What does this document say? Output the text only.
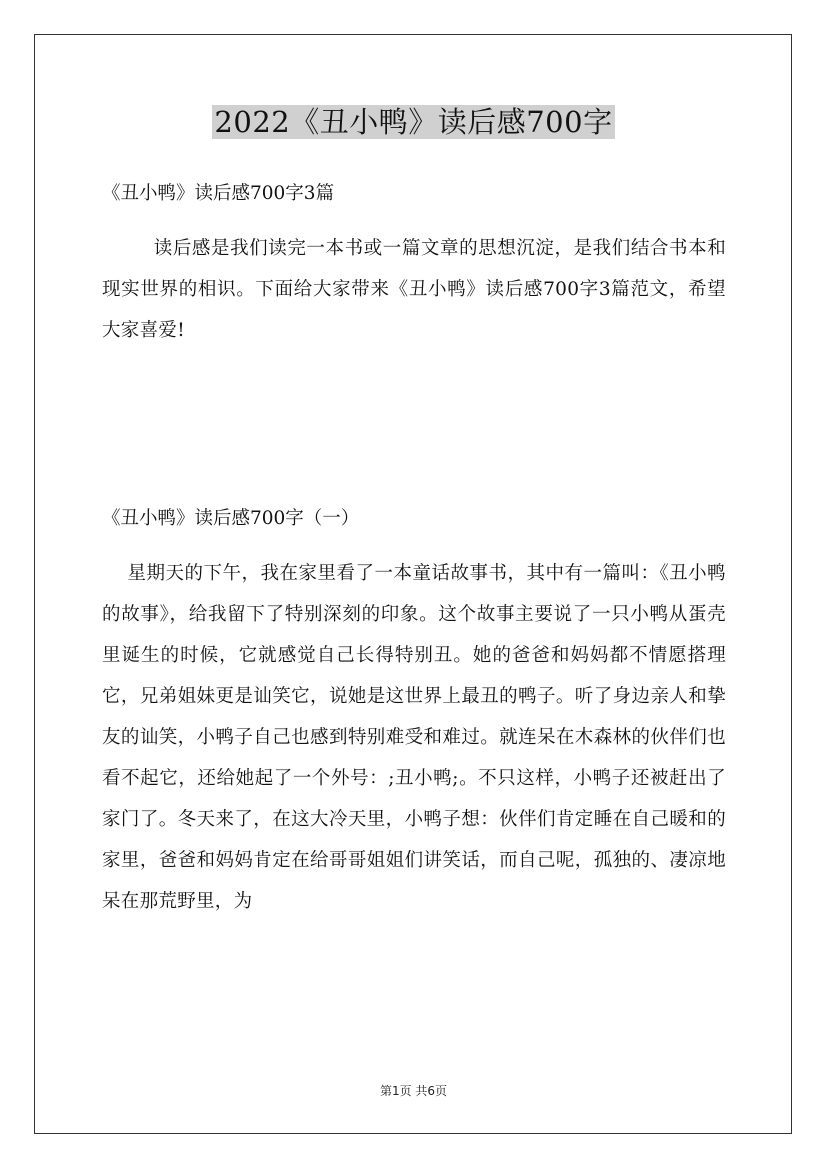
2022《丑小鸭》读后感700字
《丑小鸭》读后感700字3篇
读后感是我们读完一本书或一篇文章的思想沉淀，是我们结合书本和现实世界的相识。下面给大家带来《丑小鸭》读后感700字3篇范文，希望大家喜爱!
《丑小鸭》读后感700字（一）
星期天的下午，我在家里看了一本童话故事书，其中有一篇叫：《丑小鸭的故事》，给我留下了特别深刻的印象。这个故事主要说了一只小鸭从蛋壳里诞生的时候，它就感觉自己长得特别丑。她的爸爸和妈妈都不情愿搭理它，兄弟姐妹更是讪笑它，说她是这世界上最丑的鸭子。听了身边亲人和挚友的讪笑，小鸭子自己也感到特别难受和难过。就连呆在木森林的伙伴们也看不起它，还给她起了一个外号：;丑小鸭;。不只这样，小鸭子还被赶出了家门了。冬天来了，在这大冷天里，小鸭子想：伙伴们肯定睡在自己暖和的家里，爸爸和妈妈肯定在给哥哥姐姐们讲笑话，而自己呢，孤独的、凄凉地呆在那荒野里，为
第1页 共6页
